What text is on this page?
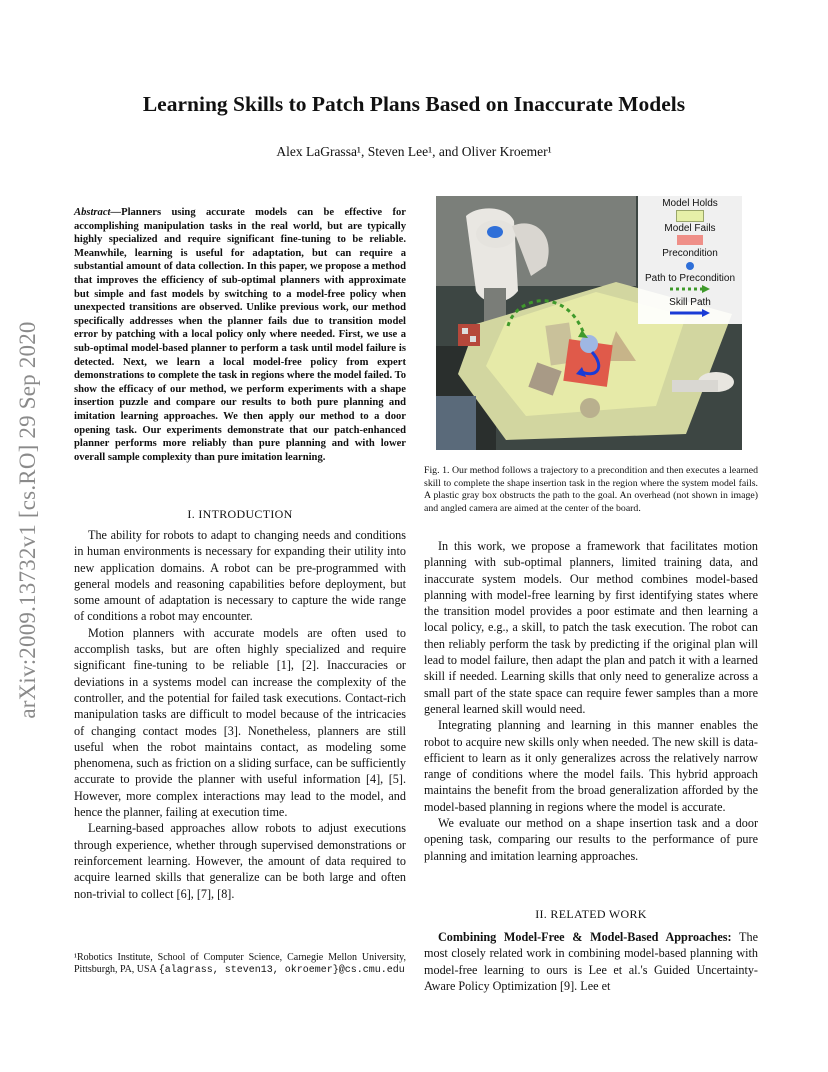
arXiv:2009.13732v1 [cs.RO] 29 Sep 2020
Learning Skills to Patch Plans Based on Inaccurate Models
Alex LaGrassa¹, Steven Lee¹, and Oliver Kroemer¹
Abstract—Planners using accurate models can be effective for accomplishing manipulation tasks in the real world, but are typically highly specialized and require significant fine-tuning to be reliable. Meanwhile, learning is useful for adaptation, but can require a substantial amount of data collection. In this paper, we propose a method that improves the efficiency of sub-optimal planners with approximate but simple and fast models by switching to a model-free policy when unexpected transitions are observed. Unlike previous work, our method specifically addresses when the planner fails due to transition model error by patching with a local policy only where needed. First, we use a sub-optimal model-based planner to perform a task until model failure is detected. Next, we learn a local model-free policy from expert demonstrations to complete the task in regions where the model failed. To show the efficacy of our method, we perform experiments with a shape insertion puzzle and compare our results to both pure planning and imitation learning approaches. We then apply our method to a door opening task. Our experiments demonstrate that our patch-enhanced planner performs more reliably than pure planning and with lower overall sample complexity than pure imitation learning.
I. INTRODUCTION

The ability for robots to adapt to changing needs and conditions in human environments is necessary for expanding their utility into new application domains. A robot can be pre-programmed with general models and reasoning capabilities before deployment, but some amount of adaptation is necessary to capture the wide range of conditions a robot may encounter.

Motion planners with accurate models are often used to accomplish tasks, but are often highly specialized and require significant fine-tuning to be reliable [1], [2]. Inaccuracies or deviations in a systems model can increase the complexity of the controller, and the potential for failed task executions. Contact-rich manipulation tasks are difficult to model because of the intricacies of changing contact modes [3]. Nonetheless, planners are still useful when the robot maintains contact, as modeling some phenomena, such as friction on a sliding surface, can be sufficiently accurate to provide the planner with useful information [4], [5]. However, more complex interactions may lead to the model, and hence the planner, failing at execution time.

Learning-based approaches allow robots to adjust executions through experience, whether through supervised demonstrations or reinforcement learning. However, the amount of data required to acquire learned skills that generalize can be both large and often non-trivial to collect [6], [7], [8].

¹Robotics Institute, School of Computer Science, Carnegie Mellon University, Pittsburgh, PA, USA {alagrass, steven13, okroemer}@cs.cmu.edu
Model Holds
Model Fails
Precondition
Path to Precondition
Skill Path
Fig. 1. Our method follows a trajectory to a precondition and then executes a learned skill to complete the shape insertion task in the region where the system model fails. A plastic gray box obstructs the path to the goal. An overhead (not shown in image) and angled camera are aimed at the center of the board.

In this work, we propose a framework that facilitates motion planning with sub-optimal planners, limited training data, and inaccurate system models. Our method combines model-based planning with model-free learning by first identifying states where the transition model provides a poor estimate and then learning a local policy, e.g., a skill, to patch the task execution. The robot can then reliably perform the task by predicting if the original plan will lead to model failure, then adapt the plan and patch it with a learned skill if needed. Learning skills that only need to generalize across a small part of the state space can require fewer samples than a more general learned skill would need.

Integrating planning and learning in this manner enables the robot to acquire new skills only when needed. The new skill is data-efficient to learn as it only generalizes across the relatively narrow range of conditions where the model fails. This hybrid approach maintains the benefit from the broad generalization afforded by the model-based planning in regions where the model is accurate.

We evaluate our method on a shape insertion task and a door opening task, comparing our results to the performance of pure planning and imitation learning approaches.

II. RELATED WORK

Combining Model-Free & Model-Based Approaches: The most closely related work in combining model-based planning with model-free learning to ours is Lee et al.'s Guided Uncertainty-Aware Policy Optimization [9]. Lee et
